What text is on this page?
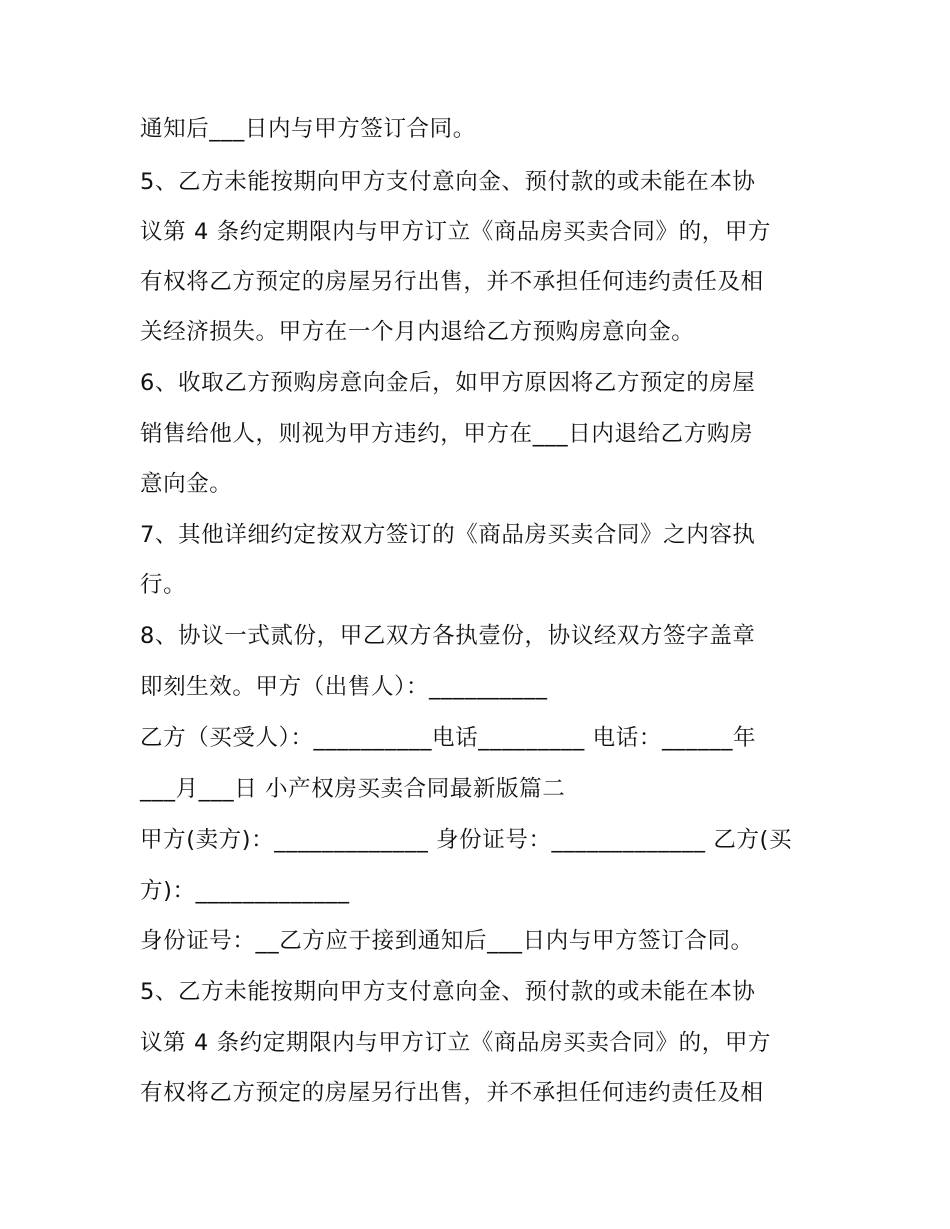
通知后___日内与甲方签订合同。
5、乙方未能按期向甲方支付意向金、预付款的或未能在本协
议第 4 条约定期限内与甲方订立《商品房买卖合同》的，甲方
有权将乙方预定的房屋另行出售，并不承担任何违约责任及相
关经济损失。甲方在一个月内退给乙方预购房意向金。
6、收取乙方预购房意向金后，如甲方原因将乙方预定的房屋
销售给他人，则视为甲方违约，甲方在___日内退给乙方购房
意向金。
7、其他详细约定按双方签订的《商品房买卖合同》之内容执
行。
8、协议一式贰份，甲乙双方各执壹份，协议经双方签字盖章
即刻生效。甲方（出售人）：__________
乙方（买受人）：__________电话_________ 电话：______年
___月___日 小产权房买卖合同最新版篇二
甲方(卖方)：_____________ 身份证号：_____________ 乙方(买
方)：_____________
身份证号：__乙方应于接到通知后___日内与甲方签订合同。
5、乙方未能按期向甲方支付意向金、预付款的或未能在本协
议第 4 条约定期限内与甲方订立《商品房买卖合同》的，甲方
有权将乙方预定的房屋另行出售，并不承担任何违约责任及相
